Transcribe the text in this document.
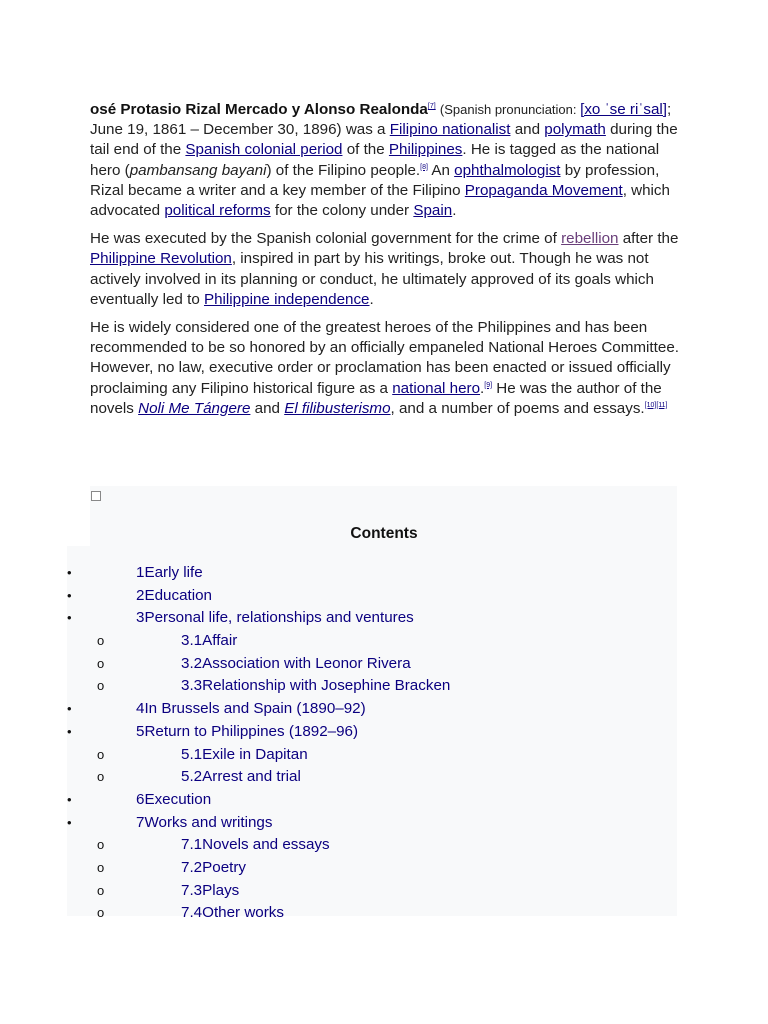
osé Protasio Rizal Mercado y Alonso Realonda[7] (Spanish pronunciation: [xo ˈse riˈsal]; June 19, 1861 – December 30, 1896) was a Filipino nationalist and polymath during the tail end of the Spanish colonial period of the Philippines. He is tagged as the national hero (pambansang bayani) of the Filipino people.[8] An ophthalmologist by profession, Rizal became a writer and a key member of the Filipino Propaganda Movement, which advocated political reforms for the colony under Spain.

He was executed by the Spanish colonial government for the crime of rebellion after the Philippine Revolution, inspired in part by his writings, broke out. Though he was not actively involved in its planning or conduct, he ultimately approved of its goals which eventually led to Philippine independence.

He is widely considered one of the greatest heroes of the Philippines and has been recommended to be so honored by an officially empaneled National Heroes Committee. However, no law, executive order or proclamation has been enacted or issued officially proclaiming any Filipino historical figure as a national hero.[9] He was the author of the novels Noli Me Tángere and El filibusterismo, and a number of poems and essays.[10][11]

Contents
•	1Early life
•	2Education
•	3Personal life, relationships and ventures
o	3.1Affair
o	3.2Association with Leonor Rivera
o	3.3Relationship with Josephine Bracken
•	4In Brussels and Spain (1890–92)
•	5Return to Philippines (1892–96)
o	5.1Exile in Dapitan
o	5.2Arrest and trial
•	6Execution
•	7Works and writings
o	7.1Novels and essays
o	7.2Poetry
o	7.3Plays
o	7.4Other works
